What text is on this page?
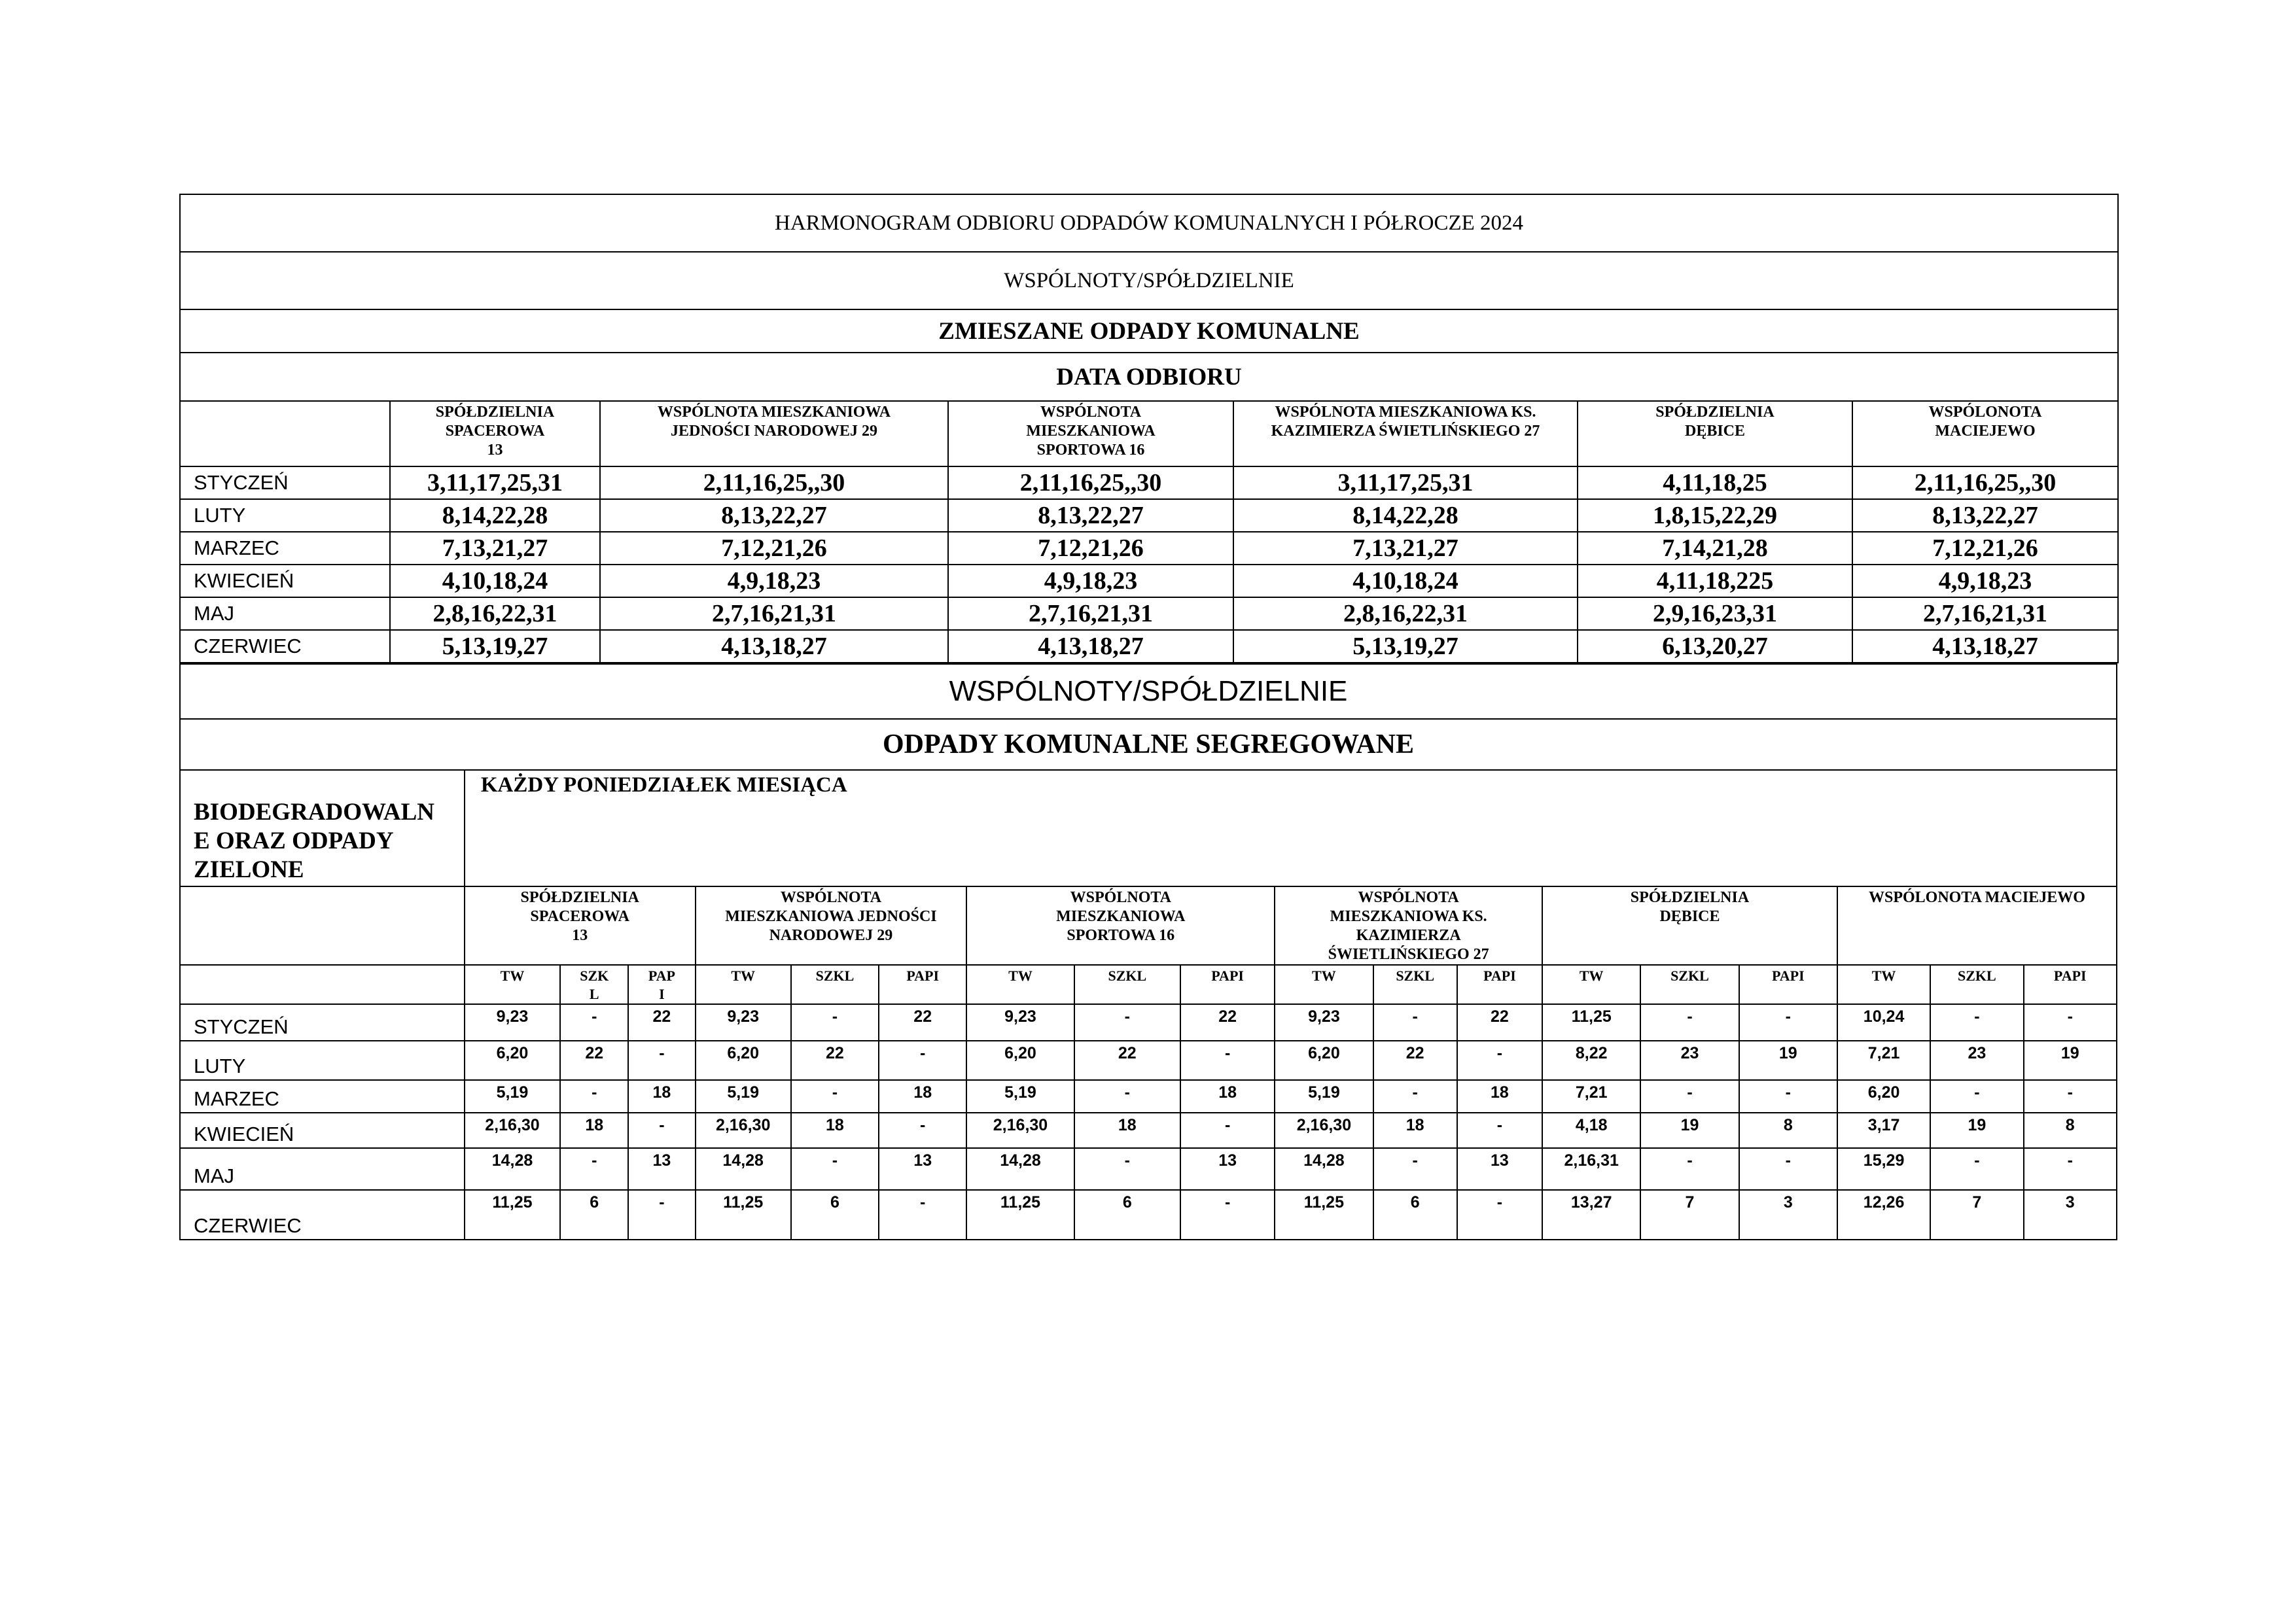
HARMONOGRAM ODBIORU ODPADÓW KOMUNALNYCH I PÓŁROCZE 2024						
WSPÓLNOTY/SPÓŁDZIELNIE						
ZMIESZANE ODPADY KOMUNALNE						
DATA ODBIORU						
	SPÓŁDZIELNIA
SPACEROWA
13	WSPÓLNOTA MIESZKANIOWA
JEDNOŚCI NARODOWEJ 29	WSPÓLNOTA
MIESZKANIOWA
SPORTOWA 16	WSPÓLNOTA MIESZKANIOWA KS.
KAZIMIERZA ŚWIETLIŃSKIEGO 27	SPÓŁDZIELNIA
DĘBICE	WSPÓLONOTA
MACIEJEWO
STYCZEŃ	3,11,17,25,31	2,11,16,25,,30	2,11,16,25,,30	3,11,17,25,31	4,11,18,25	2,11,16,25,,30
LUTY	8,14,22,28	8,13,22,27	8,13,22,27	8,14,22,28	1,8,15,22,29	8,13,22,27
MARZEC	7,13,21,27	7,12,21,26	7,12,21,26	7,13,21,27	7,14,21,28	7,12,21,26
KWIECIEŃ	4,10,18,24	4,9,18,23	4,9,18,23	4,10,18,24	4,11,18,225	4,9,18,23
MAJ	2,8,16,22,31	2,7,16,21,31	2,7,16,21,31	2,8,16,22,31	2,9,16,23,31	2,7,16,21,31
CZERWIEC	5,13,19,27	4,13,18,27	4,13,18,27	5,13,19,27	6,13,20,27	4,13,18,27
WSPÓLNOTY/SPÓŁDZIELNIE																		
ODPADY KOMUNALNE SEGREGOWANE																		
BIODEGRADOWALN
E ORAZ ODPADY
ZIELONE	KAŻDY PONIEDZIAŁEK MIESIĄCA																	
	SPÓŁDZIELNIA
SPACEROWA
13			WSPÓLNOTA
MIESZKANIOWA JEDNOŚCI
NARODOWEJ 29			WSPÓLNOTA
MIESZKANIOWA
SPORTOWA 16			WSPÓLNOTA
MIESZKANIOWA KS.
KAZIMIERZA
ŚWIETLIŃSKIEGO 27			SPÓŁDZIELNIA
DĘBICE			WSPÓLONOTA MACIEJEWO		
	TW	SZK
L	PAP
I	TW	SZKL	PAPI	TW	SZKL	PAPI	TW	SZKL	PAPI	TW	SZKL	PAPI	TW	SZKL	PAPI
STYCZEŃ	9,23	-	22	9,23	-	22	9,23	-	22	9,23	-	22	11,25	-	-	10,24	-	-
LUTY	6,20	22	-	6,20	22	-	6,20	22	-	6,20	22	-	8,22	23	19	7,21	23	19
MARZEC	5,19	-	18	5,19	-	18	5,19	-	18	5,19	-	18	7,21	-	-	6,20	-	-
KWIECIEŃ	2,16,30	18	-	2,16,30	18	-	2,16,30	18	-	2,16,30	18	-	4,18	19	8	3,17	19	8
MAJ	14,28	-	13	14,28	-	13	14,28	-	13	14,28	-	13	2,16,31	-	-	15,29	-	-
CZERWIEC	11,25	6	-	11,25	6	-	11,25	6	-	11,25	6	-	13,27	7	3	12,26	7	3
